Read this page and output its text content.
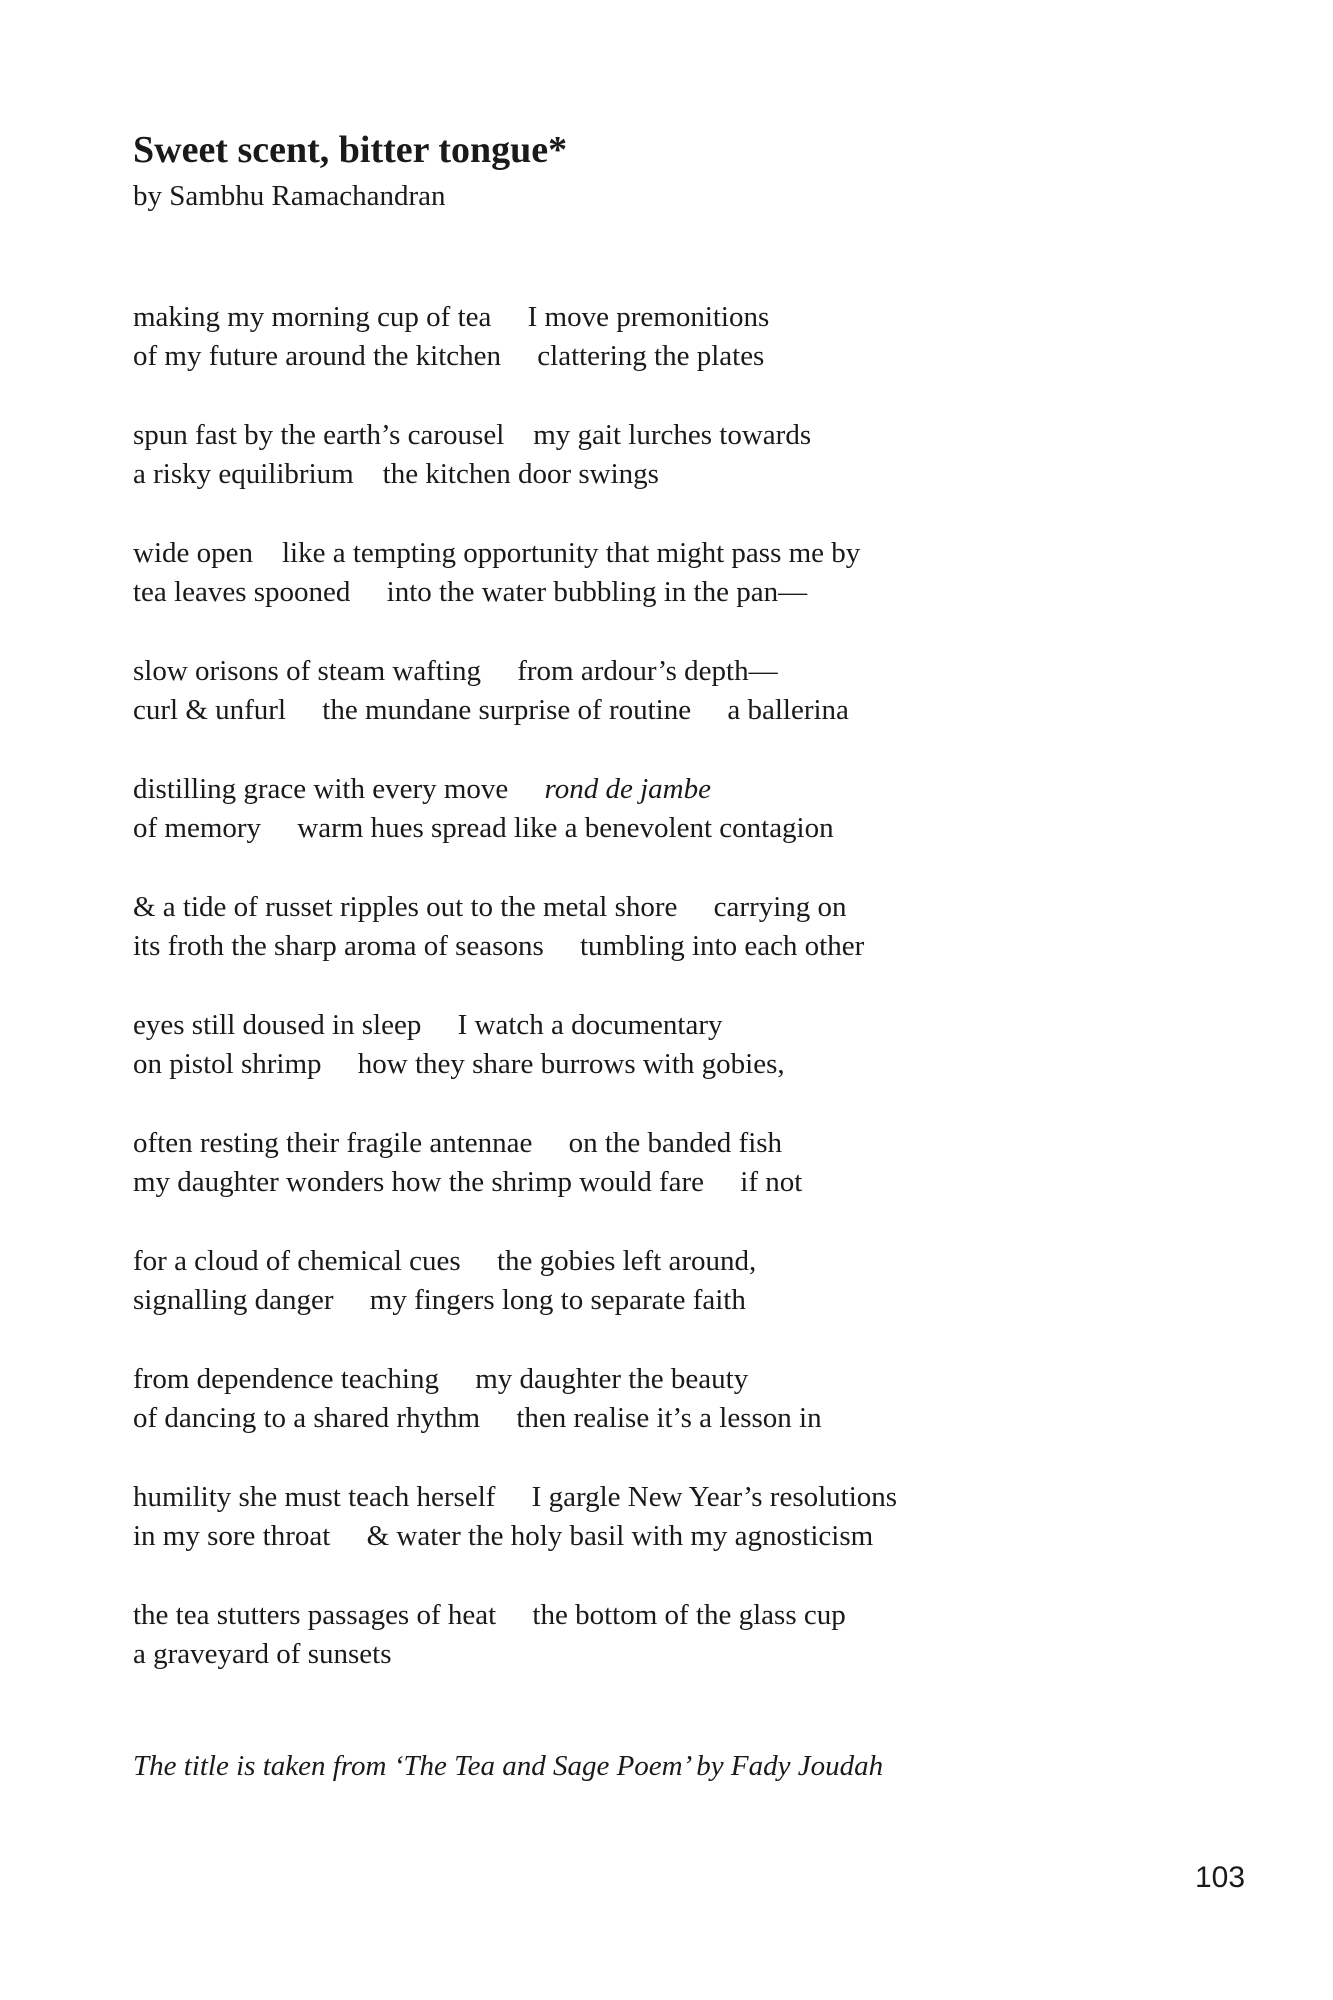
Sweet scent, bitter tongue*

by Sambhu Ramachandran

making my morning cup of tea     I move premonitions
of my future around the kitchen     clattering the plates
spun fast by the earth’s carousel    my gait lurches towards
a risky equilibrium    the kitchen door swings
wide open    like a tempting opportunity that might pass me by
tea leaves spooned     into the water bubbling in the pan—
slow orisons of steam wafting     from ardour’s depth—
curl & unfurl     the mundane surprise of routine     a ballerina
distilling grace with every move     rond de jambe
of memory     warm hues spread like a benevolent contagion
& a tide of russet ripples out to the metal shore     carrying on
its froth the sharp aroma of seasons     tumbling into each other
eyes still doused in sleep     I watch a documentary
on pistol shrimp     how they share burrows with gobies,
often resting their fragile antennae     on the banded fish
my daughter wonders how the shrimp would fare     if not
for a cloud of chemical cues     the gobies left around,
signalling danger     my fingers long to separate faith
from dependence teaching     my daughter the beauty
of dancing to a shared rhythm     then realise it’s a lesson in
humility she must teach herself     I gargle New Year’s resolutions
in my sore throat     & water the holy basil with my agnosticism
the tea stutters passages of heat     the bottom of the glass cup
a graveyard of sunsets

The title is taken from ‘The Tea and Sage Poem’ by Fady Joudah

103
